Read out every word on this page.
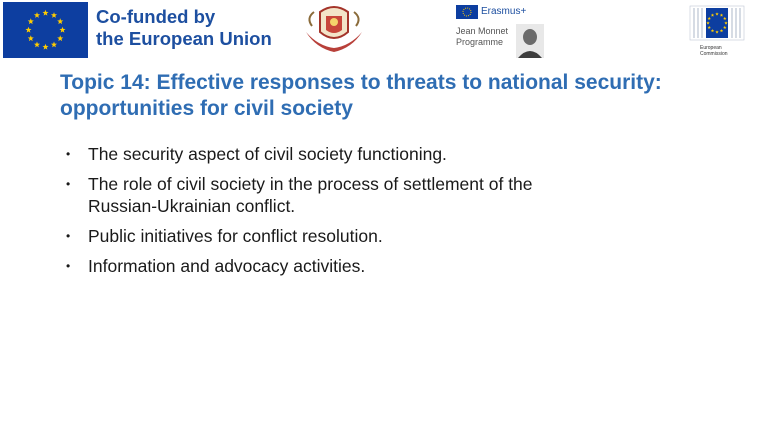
Co-funded by
the European Union
Erasmus+
Jean Monnet
Programme
European
Commission
Topic 14: Effective responses to threats to national security:
opportunities for civil society
• The security aspect of civil society functioning.
• The role of civil society in the process of settlement of the
Russian-Ukrainian conflict.
• Public initiatives for conflict resolution.
• Information and advocacy activities.
